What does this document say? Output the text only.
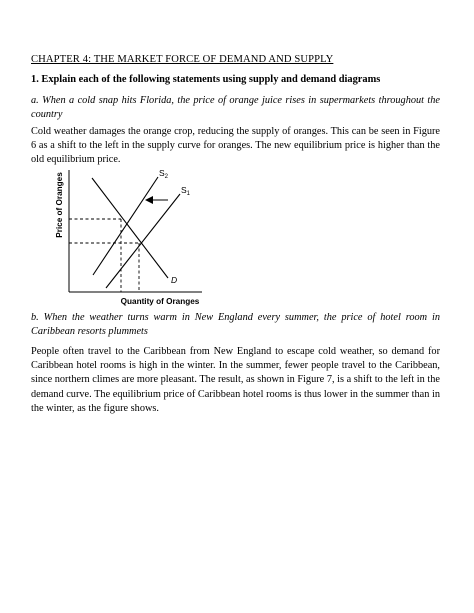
CHAPTER 4: THE MARKET FORCE OF DEMAND AND SUPPLY
1. Explain each of the following statements using supply and demand diagrams
a. When a cold snap hits Florida, the price of orange juice rises in supermarkets throughout the country
Cold weather damages the orange crop, reducing the supply of oranges. This can be seen in Figure 6 as a shift to the left in the supply curve for oranges. The new equilibrium price is higher than the old equilibrium price.
$S_2$
$S_1$
D
Price of Oranges
Quantity of Oranges
b. When the weather turns warm in New England every summer, the price of hotel room in Caribbean resorts plummets
People often travel to the Caribbean from New England to escape cold weather, so demand for Caribbean hotel rooms is high in the winter. In the summer, fewer people travel to the Caribbean, since northern climes are more pleasant. The result, as shown in Figure 7, is a shift to the left in the demand curve. The equilibrium price of Caribbean hotel rooms is thus lower in the summer than in the winter, as the figure shows.
